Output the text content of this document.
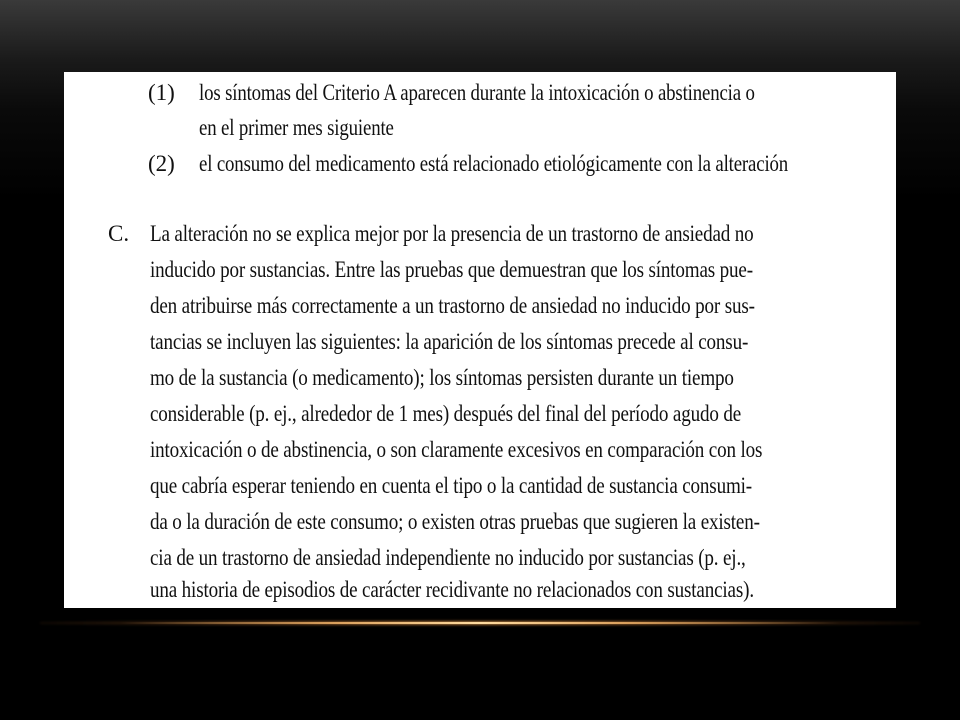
(1) los síntomas del Criterio A aparecen durante la intoxicación o abstinencia o
en el primer mes siguiente
(2) el consumo del medicamento está relacionado etiológicamente con la alteración
C. La alteración no se explica mejor por la presencia de un trastorno de ansiedad no
inducido por sustancias. Entre las pruebas que demuestran que los síntomas pue-
den atribuirse más correctamente a un trastorno de ansiedad no inducido por sus-
tancias se incluyen las siguientes: la aparición de los síntomas precede al consu-
mo de la sustancia (o medicamento); los síntomas persisten durante un tiempo
considerable (p. ej., alrededor de 1 mes) después del final del período agudo de
intoxicación o de abstinencia, o son claramente excesivos en comparación con los
que cabría esperar teniendo en cuenta el tipo o la cantidad de sustancia consumi-
da o la duración de este consumo; o existen otras pruebas que sugieren la existen-
cia de un trastorno de ansiedad independiente no inducido por sustancias (p. ej.,
una historia de episodios de carácter recidivante no relacionados con sustancias).
